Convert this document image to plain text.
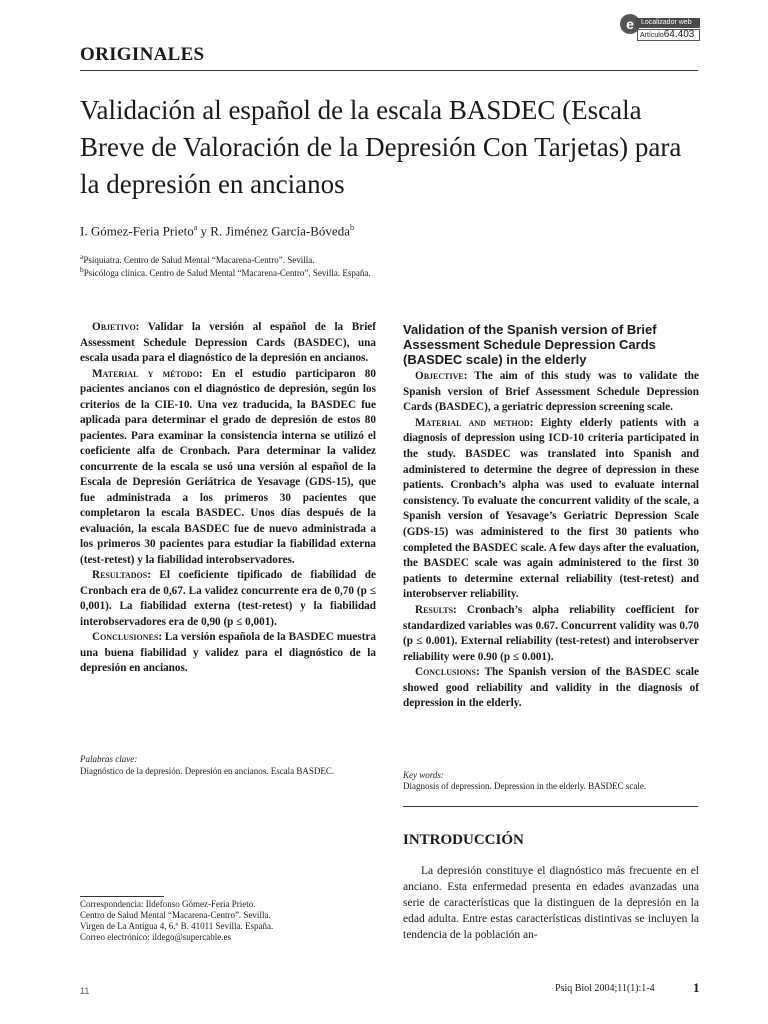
e	Localizador web
Artículo64.403
ORIGINALES
Validación al español de la escala BASDEC (Escala Breve de Valoración de la Depresión Con Tarjetas) para la depresión en ancianos
I. Gómez-Feria Prieto$^a$ y R. Jiménez García-Bóveda$^b$
$^a$Psiquiatra. Centro de Salud Mental “Macarena-Centro”. Sevilla.
$^b$Psicóloga clínica. Centro de Salud Mental “Macarena-Centro”. Sevilla. España.

Objetivo: Validar la versión al español de la Brief Assessment Schedule Depression Cards (BASDEC), una escala usada para el diagnóstico de la depresión en ancianos.

Material y método: En el estudio participaron 80 pacientes ancianos con el diagnóstico de depresión, según los criterios de la CIE-10. Una vez traducida, la BASDEC fue aplicada para determinar el grado de depresión de estos 80 pacientes. Para examinar la consistencia interna se utilizó el coeficiente alfa de Cronbach. Para determinar la validez concurrente de la escala se usó una versión al español de la Escala de Depresión Geriátrica de Yesavage (GDS-15), que fue administrada a los primeros 30 pacientes que completaron la escala BASDEC. Unos días después de la evaluación, la escala BASDEC fue de nuevo administrada a los primeros 30 pacientes para estudiar la fiabilidad externa (test-retest) y la fiabilidad interobservadores.

Resultados: El coeficiente tipificado de fiabilidad de Cronbach era de 0,67. La validez concurrente era de 0,70 (p ≤ 0,001). La fiabilidad externa (test-retest) y la fiabilidad interobservadores era de 0,90 (p ≤ 0,001).

Conclusiones: La versión española de la BASDEC muestra una buena fiabilidad y validez para el diagnóstico de la depresión en ancianos.

Palabras clave:
Diagnóstico de la depresión. Depresión en ancianos. Escala BASDEC.
Validation of the Spanish version of Brief Assessment Schedule Depression Cards (BASDEC scale) in the elderly

Objective: The aim of this study was to validate the Spanish version of Brief Assessment Schedule Depression Cards (BASDEC), a geriatric depression screening scale.

Material and method: Eighty elderly patients with a diagnosis of depression using ICD-10 criteria participated in the study. BASDEC was translated into Spanish and administered to determine the degree of depression in these patients. Cronbach’s alpha was used to evaluate internal consistency. To evaluate the concurrent validity of the scale, a Spanish version of Yesavage’s Geriatric Depression Scale (GDS-15) was administered to the first 30 patients who completed the BASDEC scale. A few days after the evaluation, the BASDEC scale was again administered to the first 30 patients to determine external reliability (test-retest) and interobserver reliability.

Results: Cronbach’s alpha reliability coefficient for standardized variables was 0.67. Concurrent validity was 0.70 (p ≤ 0.001). External reliability (test-retest) and interobserver reliability were 0.90 (p ≤ 0.001).

Conclusions: The Spanish version of the BASDEC scale showed good reliability and validity in the diagnosis of depression in the elderly.

Key words:
Diagnosis of depression. Depression in the elderly. BASDEC scale.
INTRODUCCIÓN

La depresión constituye el diagnóstico más frecuente en el anciano. Esta enfermedad presenta en edades avanzadas una serie de características que la distinguen de la depresión en la edad adulta. Entre estas características distintivas se incluyen la tendencia de la población an-

Correspondencia: Ildefonso Gómez-Feria Prieto.
Centro de Salud Mental “Macarena-Centro”. Sevilla.
Virgen de La Antigua 4, 6.º B. 41011 Sevilla. España.
Correo electrónico: ildego@supercable.es
11	Psiq Biol 2004;11(1):1-4	1
